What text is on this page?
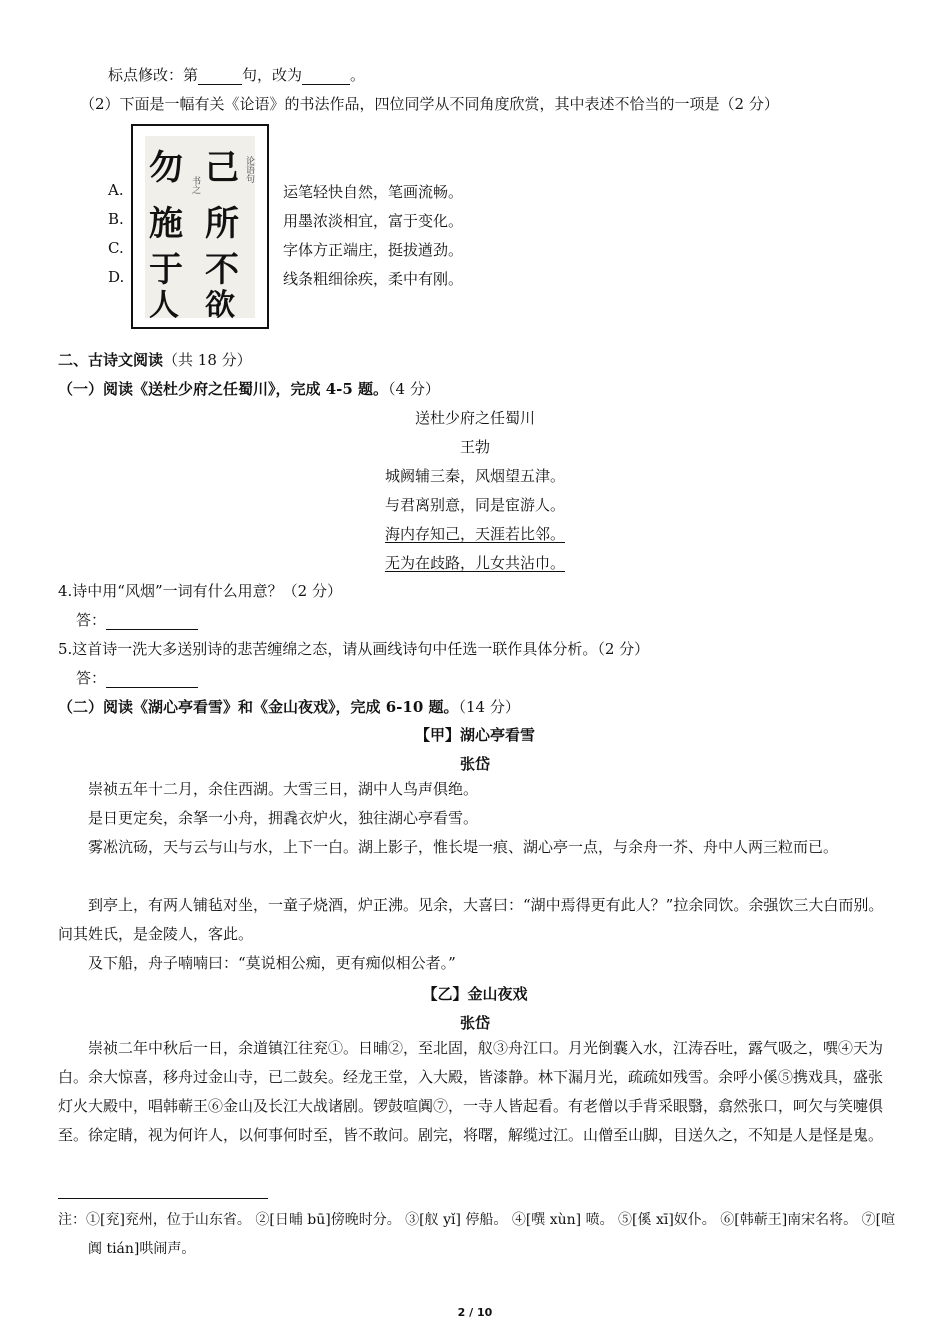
标点修改：第	句，改为	。
（2）下面是一幅有关《论语》的书法作品，四位同学从不同角度欣赏，其中表述不恰当的一项是（2 分）
己
所
不
欲
勿
施
于
人
论语句
书之
A.
B.
C.
D.
运笔轻快自然，笔画流畅。
用墨浓淡相宜，富于变化。
字体方正端庄，挺拔遒劲。
线条粗细徐疾，柔中有刚。
二、古诗文阅读（共 18 分）
（一）阅读《送杜少府之任蜀川》，完成 4-5 题。（4 分）
送杜少府之任蜀川
王勃
城阙辅三秦，风烟望五津。
与君离别意，同是宦游人。
海内存知己，天涯若比邻。
无为在歧路，儿女共沾巾。
4.诗中用“风烟”一词有什么用意？（2 分）
答：
5.这首诗一洗大多送别诗的悲苦缠绵之态，请从画线诗句中任选一联作具体分析。（2 分）
答：
（二）阅读《湖心亭看雪》和《金山夜戏》，完成 6-10 题。（14 分）
【甲】湖心亭看雪
张岱
崇祯五年十二月，余住西湖。大雪三日，湖中人鸟声俱绝。
是日更定矣，余拏一小舟，拥毳衣炉火，独往湖心亭看雪。
雾凇沆砀，天与云与山与水，上下一白。湖上影子，惟长堤一痕、湖心亭一点，与余舟一芥、舟中人两三粒而已。
到亭上，有两人铺毡对坐，一童子烧酒，炉正沸。见余，大喜曰：“湖中焉得更有此人？”拉余同饮。余强饮三大白而别。问其姓氏，是金陵人，客此。
及下船，舟子喃喃曰：“莫说相公痴，更有痴似相公者。”
【乙】金山夜戏
张岱
崇祯二年中秋后一日，余道镇江往兖①。日晡②，至北固，舣③舟江口。月光倒囊入水，江涛吞吐，露气吸之，噀④天为白。余大惊喜，移舟过金山寺，已二鼓矣。经龙王堂，入大殿，皆漆静。林下漏月光，疏疏如残雪。余呼小傒⑤携戏具，盛张灯火大殿中，唱韩蕲王⑥金山及长江大战诸剧。锣鼓喧阗⑦，一寺人皆起看。有老僧以手背采眼翳，翕然张口，呵欠与笑嚏俱至。徐定睛，视为何许人，以何事何时至，皆不敢问。剧完，将曙，解缆过江。山僧至山脚，目送久之，不知是人是怪是鬼。
注：①[兖]兖州，位于山东省。 ②[日晡 bū]傍晚时分。 ③[舣 yǐ] 停船。 ④[噀 xùn] 喷。 ⑤[傒 xī]奴仆。 ⑥[韩蕲王]南宋名将。 ⑦[喧阗 tián]哄闹声。
2 / 10
